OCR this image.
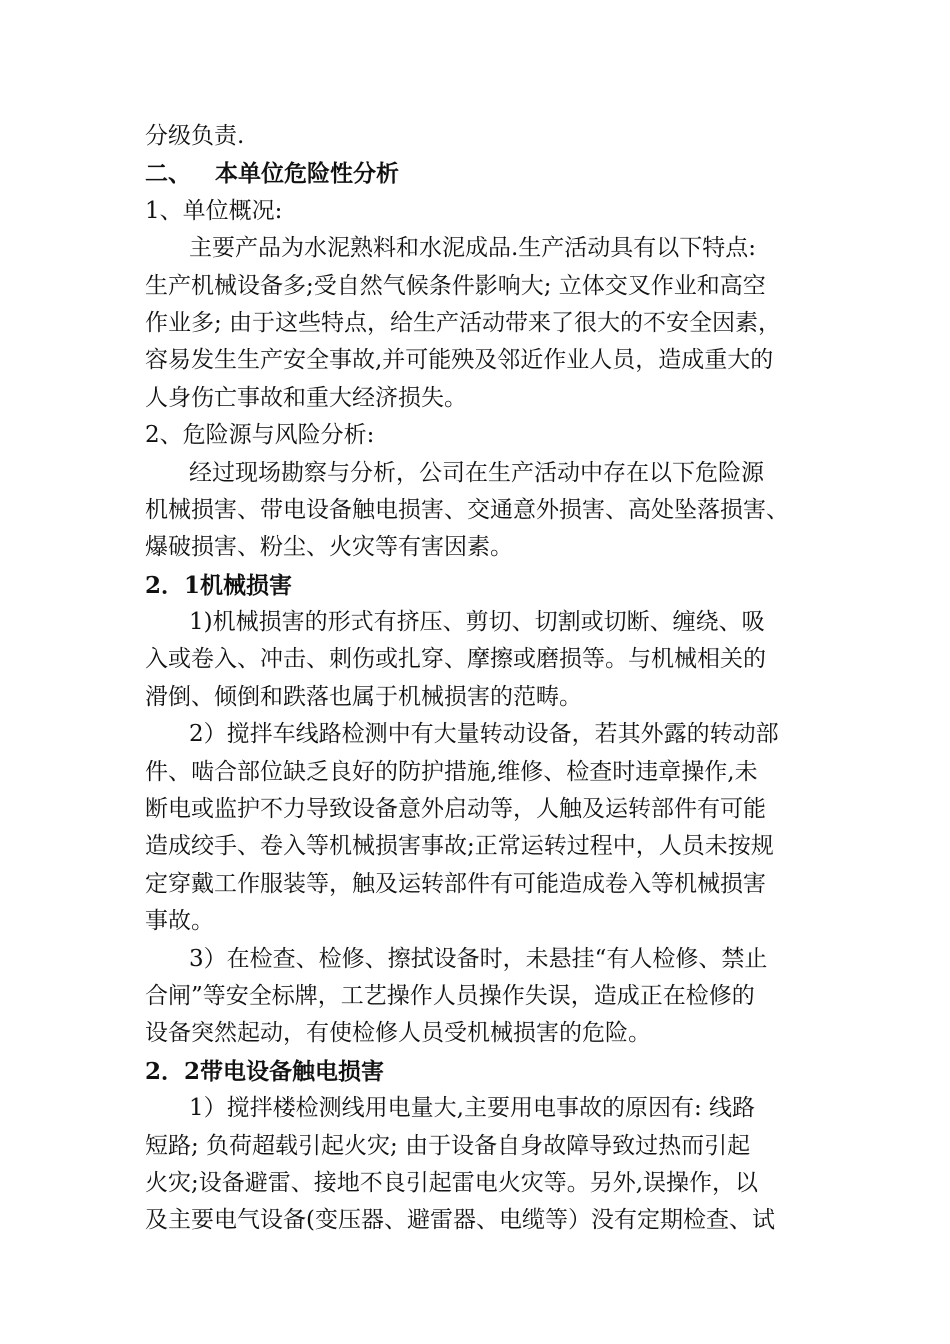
分级负责.
二、   本单位危险性分析
1、单位概况:
主要产品为水泥熟料和水泥成品.生产活动具有以下特点:
生产机械设备多;受自然气候条件影响大; 立体交叉作业和高空
作业多; 由于这些特点，给生产活动带来了很大的不安全因素，
容易发生生产安全事故,并可能殃及邻近作业人员，造成重大的
人身伤亡事故和重大经济损失。
2、危险源与风险分析:
经过现场勘察与分析，公司在生产活动中存在以下危险源
机械损害、带电设备触电损害、交通意外损害、高处坠落损害、
爆破损害、粉尘、火灾等有害因素。
2．1机械损害
1)机械损害的形式有挤压、剪切、切割或切断、缠绕、吸
入或卷入、冲击、刺伤或扎穿、摩擦或磨损等。与机械相关的
滑倒、倾倒和跌落也属于机械损害的范畴。
2）搅拌车线路检测中有大量转动设备，若其外露的转动部
件、啮合部位缺乏良好的防护措施,维修、检查时违章操作,未
断电或监护不力导致设备意外启动等，人触及运转部件有可能
造成绞手、卷入等机械损害事故;正常运转过程中，人员未按规
定穿戴工作服装等，触及运转部件有可能造成卷入等机械损害
事故。
3）在检查、检修、擦拭设备时，未悬挂“有人检修、禁止
合闸”等安全标牌，工艺操作人员操作失误，造成正在检修的
设备突然起动，有使检修人员受机械损害的危险。
2．2带电设备触电损害
1）搅拌楼检测线用电量大,主要用电事故的原因有: 线路
短路; 负荷超载引起火灾; 由于设备自身故障导致过热而引起
火灾;设备避雷、接地不良引起雷电火灾等。另外,误操作，以
及主要电气设备(变压器、避雷器、电缆等）没有定期检查、试
